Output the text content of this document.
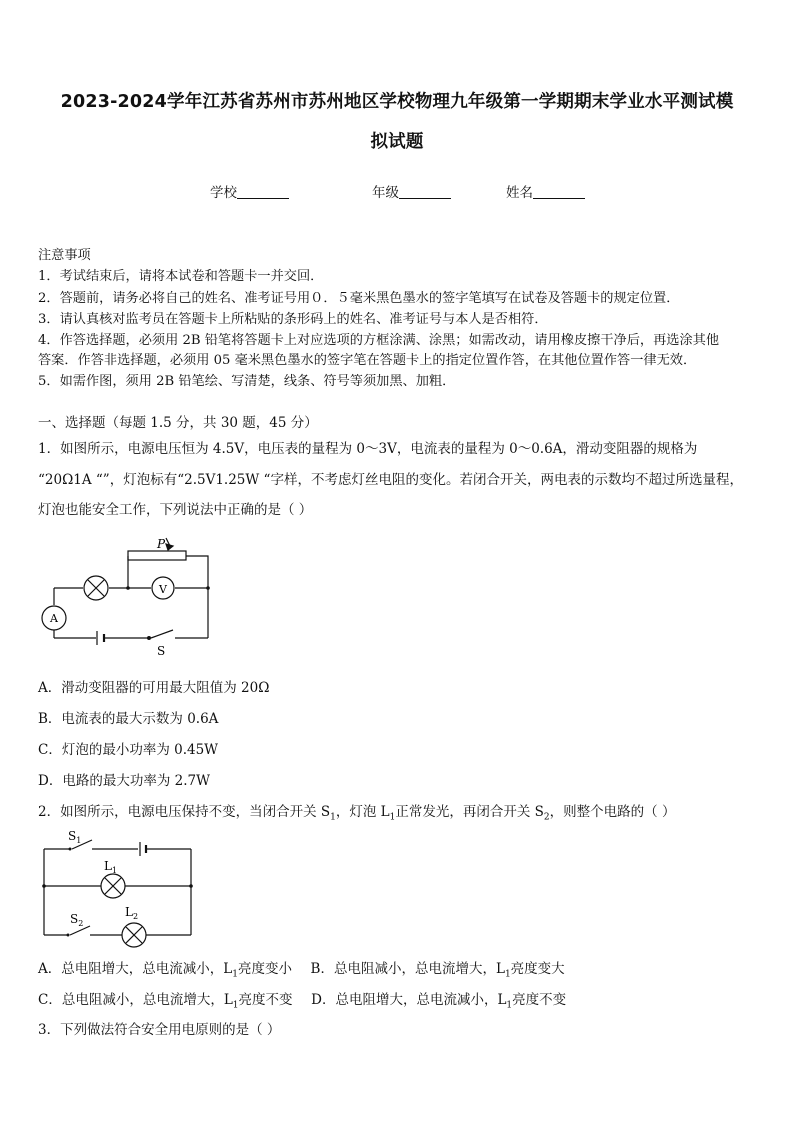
2023-2024学年江苏省苏州市苏州地区学校物理九年级第一学期期末学业水平测试模
拟试题
学校	年级	姓名
注意事项
1．考试结束后，请将本试卷和答题卡一并交回．
2．答题前，请务必将自己的姓名、准考证号用０．５毫米黑色墨水的签字笔填写在试卷及答题卡的规定位置．
3．请认真核对监考员在答题卡上所粘贴的条形码上的姓名、准考证号与本人是否相符．
4．作答选择题，必须用 2B 铅笔将答题卡上对应选项的方框涂满、涂黑；如需改动，请用橡皮擦干净后，再选涂其他
答案．作答非选择题，必须用 05 毫米黑色墨水的签字笔在答题卡上的指定位置作答，在其他位置作答一律无效．
5．如需作图，须用 2B 铅笔绘、写清楚，线条、符号等须加黑、加粗．
一、选择题（每题 1.5 分，共 30 题，45 分）
1．如图所示，电源电压恒为 4.5V，电压表的量程为 0～3V，电流表的量程为 0～0.6A，滑动变阻器的规格为
“20Ω1A “”，灯泡标有“2.5V1.25W “字样，不考虑灯丝电阻的变化。若闭合开关，两电表的示数均不超过所选量程，
灯泡也能安全工作，下列说法中正确的是（ ）
P
V
A
S
A．滑动变阻器的可用最大阻值为 20Ω
B．电流表的最大示数为 0.6A
C．灯泡的最小功率为 0.45W
D．电路的最大功率为 2.7W
2．如图所示，电源电压保持不变，当闭合开关 $S_1$，灯泡 $L_1$正常发光，再闭合开关 $S_2$，则整个电路的（ ）
$S_1$
$L_1$
$S_2$
$L_2$
A．总电阻增大，总电流减小，$L_1$亮度变小 B．总电阻减小，总电流增大，$L_1$亮度变大
C．总电阻减小，总电流增大，$L_1$亮度不变 D．总电阻增大，总电流减小，$L_1$亮度不变
3．下列做法符合安全用电原则的是（ ）
